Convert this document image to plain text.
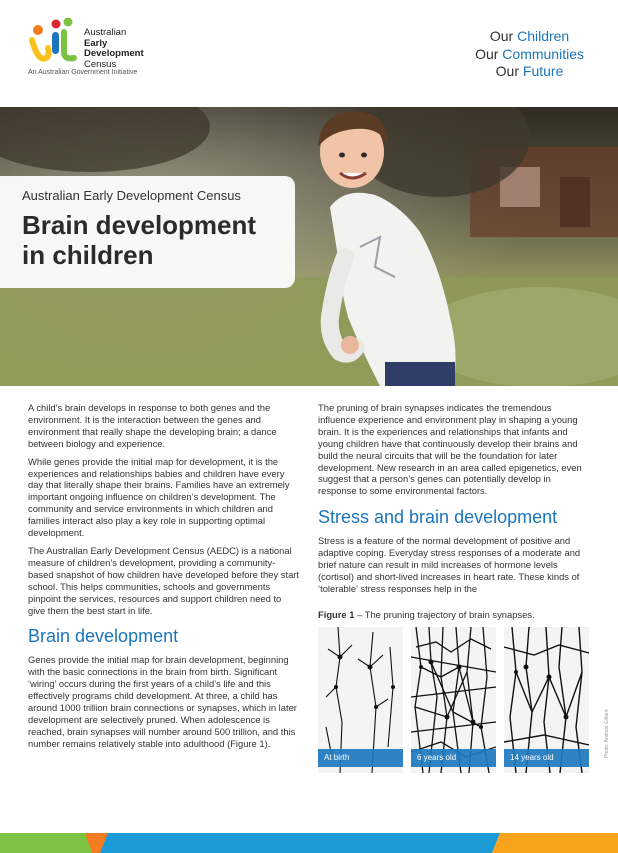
Australian
Early
Development
Census
An Australian Government Initiative
Our Children
Our Communities
Our Future
Australian Early Development Census
Brain development
in children

A child’s brain develops in response to both genes and the environment. It is the interaction between the genes and environment that really shape the developing brain; a dance between biology and experience.

While genes provide the initial map for development, it is the experiences and relationships babies and children have every day that literally shape their brains. Families have an extremely important ongoing influence on children’s development. The community and service environments in which children and families interact also play a key role in supporting optimal development.

The Australian Early Development Census (AEDC) is a national measure of children’s development, providing a community-based snapshot of how children have developed before they start school. This helps communities, schools and governments pinpoint the services, resources and support children need to give them the best start in life.

Brain development

Genes provide the initial map for brain development, beginning with the basic connections in the brain from birth. Significant ‘wiring’ occurs during the first years of a child’s life and this effectively programs child development. At three, a child has around 1000 trillion brain connections or synapses, which in later development are selectively pruned. When adolescence is reached, brain synapses will number around 500 trillion, and this number remains relatively stable into adulthood (Figure 1).

The pruning of brain synapses indicates the tremendous influence experience and environment play in shaping a young brain. It is the experiences and relationships that infants and young children have that continuously develop their brains and build the neural circuits that will be the foundation for later development. New research in an area called epigenetics, even suggest that a person’s genes can potentially develop in response to some environmental factors.

Stress and brain development

Stress is a feature of the normal development of positive and adaptive coping. Everyday stress responses of a moderate and brief nature can result in mild increases of hormone levels (cortisol) and short-lived increases in heart rate. These kinds of ‘tolerable’ stress responses help in the

Figure 1 – The pruning trajectory of brain synapses.
At birth	6 years old	14 years old	Photo: Andrew Gilbert
